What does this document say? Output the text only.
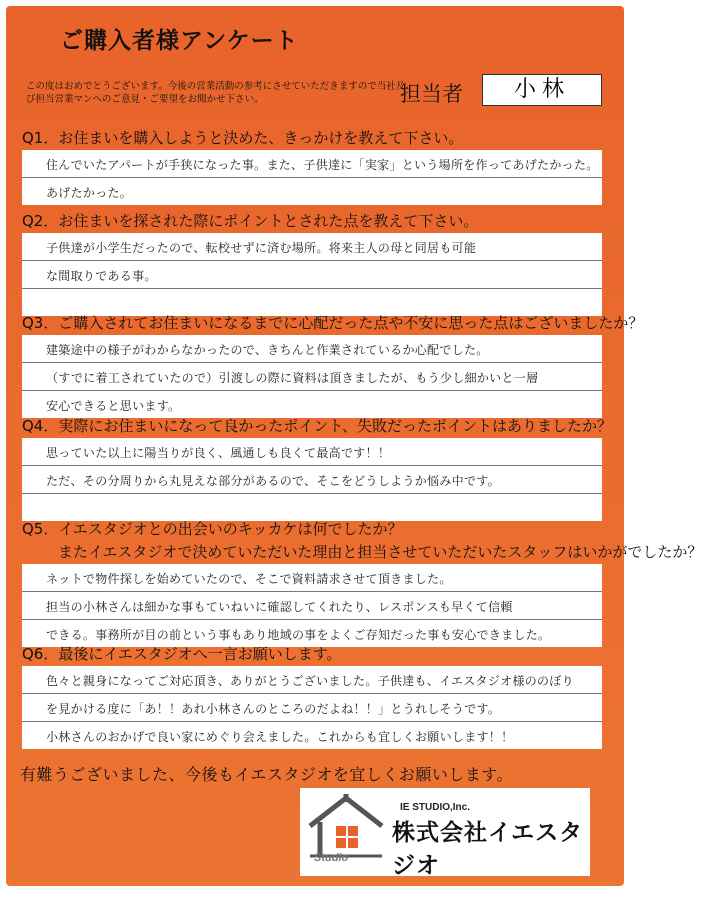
ご購入者様アンケート
この度はおめでとうございます。今後の営業活動の参考にさせていただきますので当社及び担当営業マンへのご意見・ご要望をお聞かせ下さい。	担当者	小林
Q1．お住まいを購入しようと決めた、きっかけを教えて下さい。
住んでいたアパートが手狭になった事。また、子供達に「実家」という場所を作ってあげたかった。
あげたかった。
Q2．お住まいを探された際にポイントとされた点を教えて下さい。
子供達が小学生だったので、転校せずに済む場所。将来主人の母と同居も可能
な間取りである事。
Q3．ご購入されてお住まいになるまでに心配だった点や不安に思った点はございましたか？
建築途中の様子がわからなかったので、きちんと作業されているか心配でした。
（すでに着工されていたので）引渡しの際に資料は頂きましたが、もう少し細かいと一層
安心できると思います。
Q4．実際にお住まいになって良かったポイント、失敗だったポイントはありましたか？
思っていた以上に陽当りが良く、風通しも良くて最高です！！
ただ、その分周りから丸見えな部分があるので、そこをどうしようか悩み中です。
Q5．イエスタジオとの出会いのキッカケは何でしたか？
またイエスタジオで決めていただいた理由と担当させていただいたスタッフはいかがでしたか？
ネットで物件探しを始めていたので、そこで資料請求させて頂きました。
担当の小林さんは細かな事もていねいに確認してくれたり、レスポンスも早くて信頼
できる。事務所が目の前という事もあり地域の事をよくご存知だった事も安心できました。
Q6．最後にイエスタジオへ一言お願いします。
色々と親身になってご対応頂き、ありがとうございました。子供達も、イエスタジオ様ののぼり
を見かける度に「あ！！あれ小林さんのところのだよね！！」とうれしそうです。
小林さんのおかげで良い家にめぐり会えました。これからも宜しくお願いします！！
有難うございました、今後もイエスタジオを宜しくお願いします。
IE STUDIO,Inc.
株式会社イエスタジオ
Studio
